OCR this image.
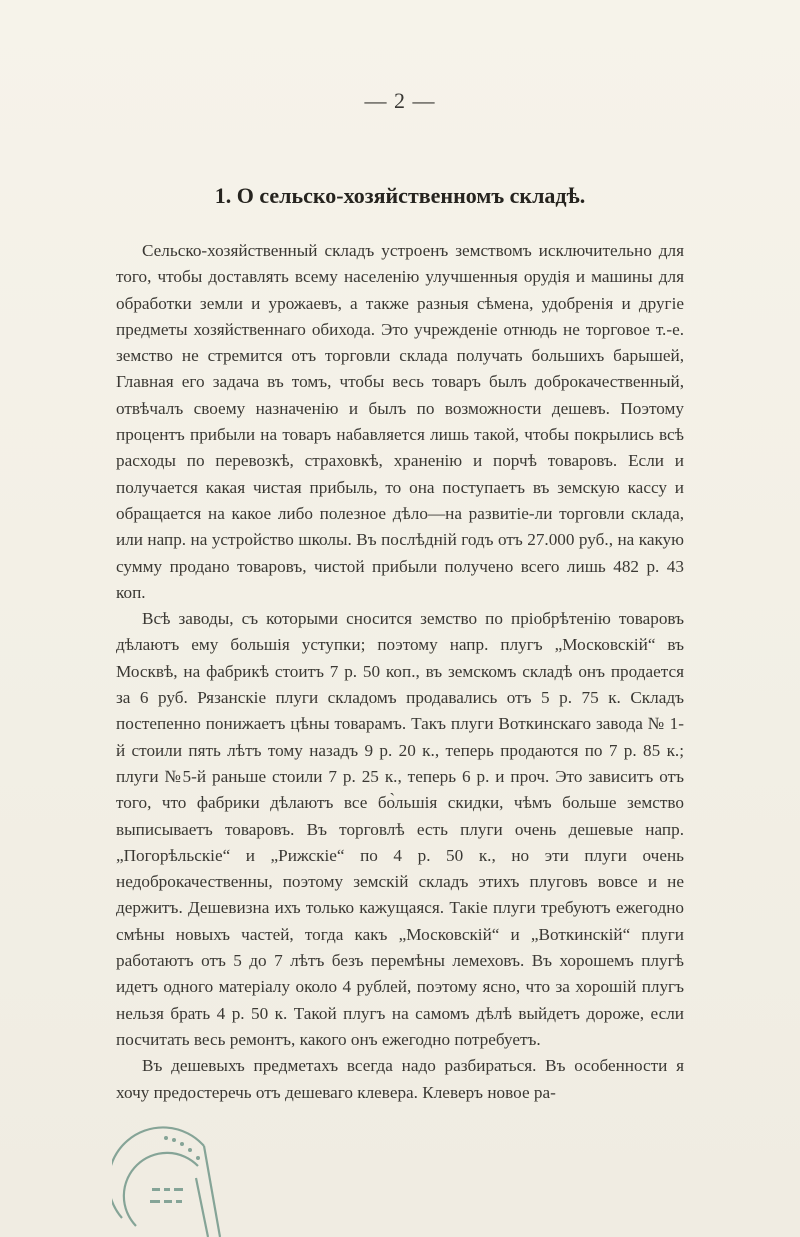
— 2 —
1. О сельско-хозяйственномъ складѣ.

Сельско-хозяйственный складъ устроенъ земствомъ исключительно для того, чтобы доставлять всему населенію улучшенныя орудія и машины для обработки земли и урожаевъ, а также разныя сѣмена, удобренія и другіе предметы хозяйственнаго обихода. Это учрежденіе отнюдь не торговое т.-е. земство не стремится отъ торговли склада получать большихъ барышей, Главная его задача въ томъ, чтобы весь товаръ былъ доброкачественный, отвѣчалъ своему назначенію и былъ по возможности дешевъ. Поэтому процентъ прибыли на товаръ набавляется лишь такой, чтобы покрылись всѣ расходы по перевозкѣ, страховкѣ, храненію и порчѣ товаровъ. Если и получается какая чистая прибыль, то она поступаетъ въ земскую кассу и обращается на какое либо полезное дѣло—на развитіе-ли торговли склада, или напр. на устройство школы. Въ послѣдній годъ отъ 27.000 руб., на какую сумму продано товаровъ, чистой прибыли получено всего лишь 482 р. 43 коп.

Всѣ заводы, съ которыми сносится земство по пріобрѣтенію товаровъ дѣлаютъ ему большія уступки; поэтому напр. плугъ „Московскій“ въ Москвѣ, на фабрикѣ стоитъ 7 р. 50 коп., въ земскомъ складѣ онъ продается за 6 руб. Рязанскіе плуги складомъ продавались отъ 5 р. 75 к. Складъ постепенно понижаетъ цѣны товарамъ. Такъ плуги Воткинскаго завода № 1-й стоили пять лѣтъ тому назадъ 9 р. 20 к., теперь продаются по 7 р. 85 к.; плуги №5-й раньше стоили 7 р. 25 к., теперь 6 р. и проч. Это зависитъ отъ того, что фабрики дѣлаютъ все бо̀льшія скидки, чѣмъ больше земство выписываетъ товаровъ. Въ торговлѣ есть плуги очень дешевые напр. „Погорѣльскіе“ и „Рижскіе“ по 4 р. 50 к., но эти плуги очень недоброкачественны, поэтому земскій складъ этихъ плуговъ вовсе и не держитъ. Дешевизна ихъ только кажущаяся. Такіе плуги требуютъ ежегодно смѣны новыхъ частей, тогда какъ „Московскій“ и „Воткинскій“ плуги работаютъ отъ 5 до 7 лѣтъ безъ перемѣны лемеховъ. Въ хорошемъ плугѣ идетъ одного матеріалу около 4 рублей, поэтому ясно, что за хорошій плугъ нельзя брать 4 р. 50 к. Такой плугъ на самомъ дѣлѣ выйдетъ дороже, если посчитать весь ремонтъ, какого онъ ежегодно потребуетъ.

Въ дешевыхъ предметахъ всегда надо разбираться. Въ особенности я хочу предостеречь отъ дешеваго клевера. Клеверъ новое ра-
